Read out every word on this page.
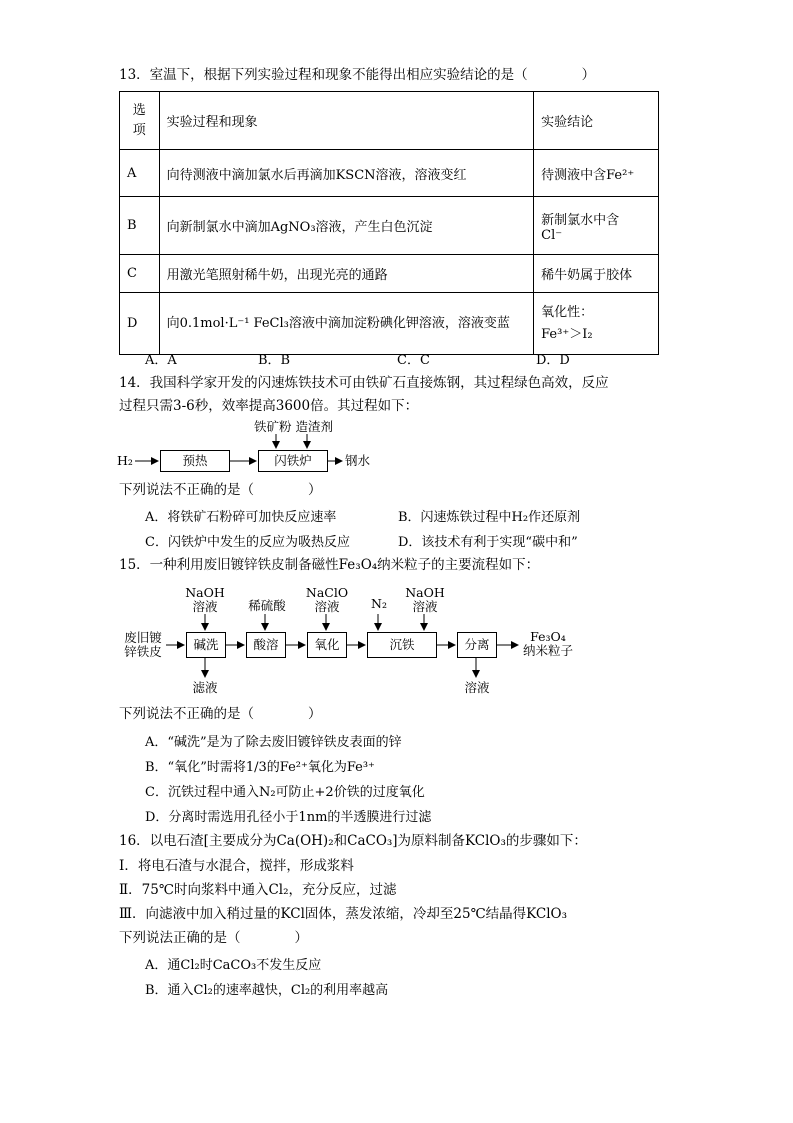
13．室温下，根据下列实验过程和现象不能得出相应实验结论的是（　　　　）
选项	实验过程和现象	实验结论
A	向待测液中滴加氯水后再滴加KSCN溶液，溶液变红	待测液中含Fe²⁺
B	向新制氯水中滴加AgNO₃溶液，产生白色沉淀	新制氯水中含Cl⁻
C	用激光笔照射稀牛奶，出现光亮的通路	稀牛奶属于胶体
D	向0.1mol·L⁻¹ FeCl₃溶液中滴加淀粉碘化钾溶液，溶液变蓝	氧化性：Fe³⁺＞I₂
A．A	B．B	C．C	D．D
14．我国科学家开发的闪速炼铁技术可由铁矿石直接炼钢，其过程绿色高效，反应
过程只需3-6秒，效率提高3600倍。其过程如下：
H₂	预热	闪铁炉
铁矿粉 造渣剂
钢水
下列说法不正确的是（　　　　）
A．将铁矿石粉碎可加快反应速率	B．闪速炼铁过程中H₂作还原剂
C．闪铁炉中发生的反应为吸热反应	D．该技术有利于实现“碳中和”
15．一种利用废旧镀锌铁皮制备磁性Fe₃O₄纳米粒子的主要流程如下：
废旧镀
锌铁皮
NaOH
溶液	稀硫酸
NaClO
溶液	N₂
NaOH
溶液
碱洗	酸溶	氧化	沉铁	分离
Fe₃O₄
纳米粒子
滤液	溶液
下列说法不正确的是（　　　　）
A．“碱洗”是为了除去废旧镀锌铁皮表面的锌
B．“氧化”时需将1/3的Fe²⁺氧化为Fe³⁺
C．沉铁过程中通入N₂可防止+2价铁的过度氧化
D．分离时需选用孔径小于1nm的半透膜进行过滤
16．以电石渣[主要成分为Ca(OH)₂和CaCO₃]为原料制备KClO₃的步骤如下：
Ⅰ．将电石渣与水混合，搅拌，形成浆料
Ⅱ．75℃时向浆料中通入Cl₂，充分反应，过滤
Ⅲ．向滤液中加入稍过量的KCl固体，蒸发浓缩，冷却至25℃结晶得KClO₃
下列说法正确的是（　　　　）
A．通Cl₂时CaCO₃不发生反应
B．通入Cl₂的速率越快，Cl₂的利用率越高
